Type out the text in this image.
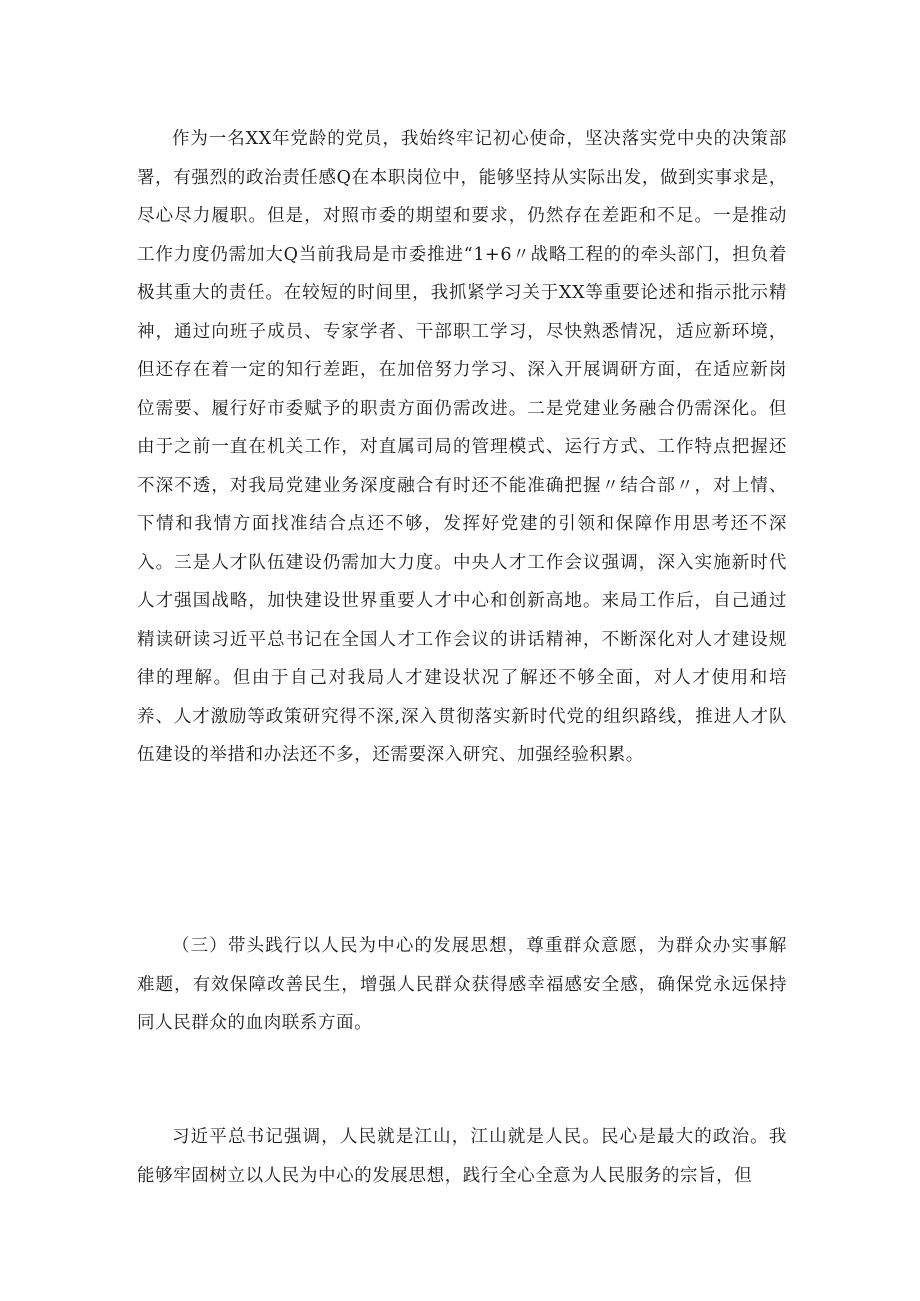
作为一名XX年党龄的党员，我始终牢记初心使命，坚决落实党中央的决策部署，有强烈的政治责任感Q在本职岗位中，能够坚持从实际出发，做到实事求是，尽心尽力履职。但是，对照市委的期望和要求，仍然存在差距和不足。一是推动工作力度仍需加大Q当前我局是市委推进“1+6〃战略工程的的牵头部门，担负着极其重大的责任。在较短的时间里，我抓紧学习关于XX等重要论述和指示批示精神，通过向班子成员、专家学者、干部职工学习，尽快熟悉情况，适应新环境，但还存在着一定的知行差距，在加倍努力学习、深入开展调研方面，在适应新岗位需要、履行好市委赋予的职责方面仍需改进。二是党建业务融合仍需深化。但由于之前一直在机关工作，对直属司局的管理模式、运行方式、工作特点把握还不深不透，对我局党建业务深度融合有时还不能准确把握〃结合部〃，对上情、下情和我情方面找准结合点还不够，发挥好党建的引领和保障作用思考还不深入。三是人才队伍建设仍需加大力度。中央人才工作会议强调，深入实施新时代人才强国战略，加快建设世界重要人才中心和创新高地。来局工作后，自己通过精读研读习近平总书记在全国人才工作会议的讲话精神，不断深化对人才建设规律的理解。但由于自己对我局人才建设状况了解还不够全面，对人才使用和培养、人才激励等政策研究得不深,深入贯彻落实新时代党的组织路线，推进人才队伍建设的举措和办法还不多，还需要深入研究、加强经验积累。

（三）带头践行以人民为中心的发展思想，尊重群众意愿，为群众办实事解难题，有效保障改善民生，增强人民群众获得感幸福感安全感，确保党永远保持同人民群众的血肉联系方面。

习近平总书记强调，人民就是江山，江山就是人民。民心是最大的政治。我能够牢固树立以人民为中心的发展思想，践行全心全意为人民服务的宗旨，但
